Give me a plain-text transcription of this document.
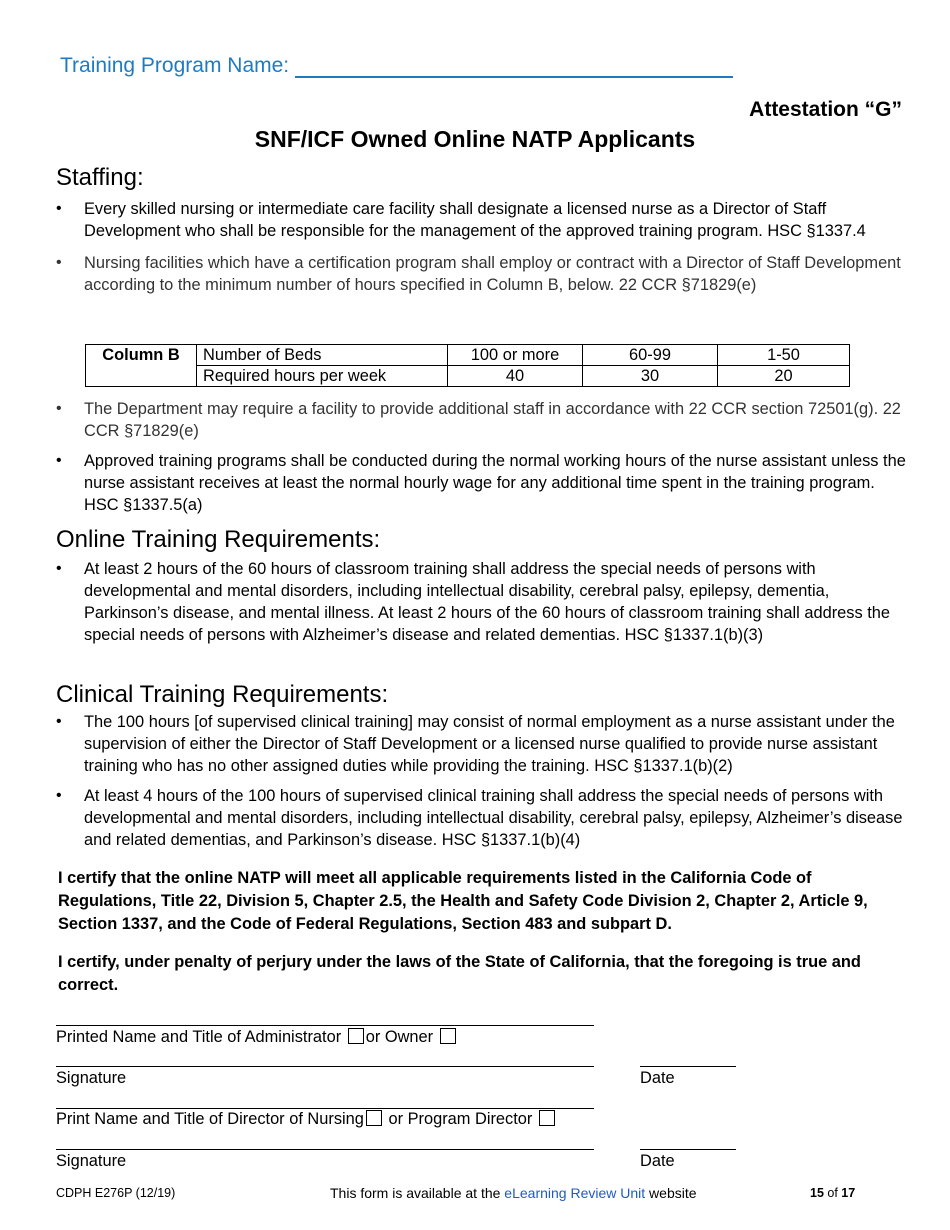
Training Program Name:
Attestation “G”
SNF/ICF Owned Online NATP Applicants
Staffing:
• Every skilled nursing or intermediate care facility shall designate a licensed nurse as a Director of Staff Development who shall be responsible for the management of the approved training program. HSC §1337.4
• Nursing facilities which have a certification program shall employ or contract with a Director of Staff Development according to the minimum number of hours specified in Column B, below. 22 CCR §71829(e)
Column B	Number of Beds	100 or more	60-99	1-50
	Required hours per week	40	30	20
• The Department may require a facility to provide additional staff in accordance with 22 CCR section 72501(g). 22 CCR §71829(e)
• Approved training programs shall be conducted during the normal working hours of the nurse assistant unless the nurse assistant receives at least the normal hourly wage for any additional time spent in the training program. HSC §1337.5(a)
Online Training Requirements:
• At least 2 hours of the 60 hours of classroom training shall address the special needs of persons with developmental and mental disorders, including intellectual disability, cerebral palsy, epilepsy, dementia, Parkinson’s disease, and mental illness. At least 2 hours of the 60 hours of classroom training shall address the special needs of persons with Alzheimer’s disease and related dementias. HSC §1337.1(b)(3)
Clinical Training Requirements:
• The 100 hours [of supervised clinical training] may consist of normal employment as a nurse assistant under the supervision of either the Director of Staff Development or a licensed nurse qualified to provide nurse assistant training who has no other assigned duties while providing the training. HSC §1337.1(b)(2)
• At least 4 hours of the 100 hours of supervised clinical training shall address the special needs of persons with developmental and mental disorders, including intellectual disability, cerebral palsy, epilepsy, Alzheimer’s disease and related dementias, and Parkinson’s disease. HSC §1337.1(b)(4)
I certify that the online NATP will meet all applicable requirements listed in the California Code of Regulations, Title 22, Division 5, Chapter 2.5, the Health and Safety Code Division 2, Chapter 2, Article 9, Section 1337, and the Code of Federal Regulations, Section 483 and subpart D.
I certify, under penalty of perjury under the laws of the State of California, that the foregoing is true and correct.
Printed Name and Title of Administrator or Owner
Signature	Date
Print Name and Title of Director of Nursing or Program Director
Signature	Date
CDPH E276P (12/19)	This form is available at the eLearning Review Unit website	15 of 17
